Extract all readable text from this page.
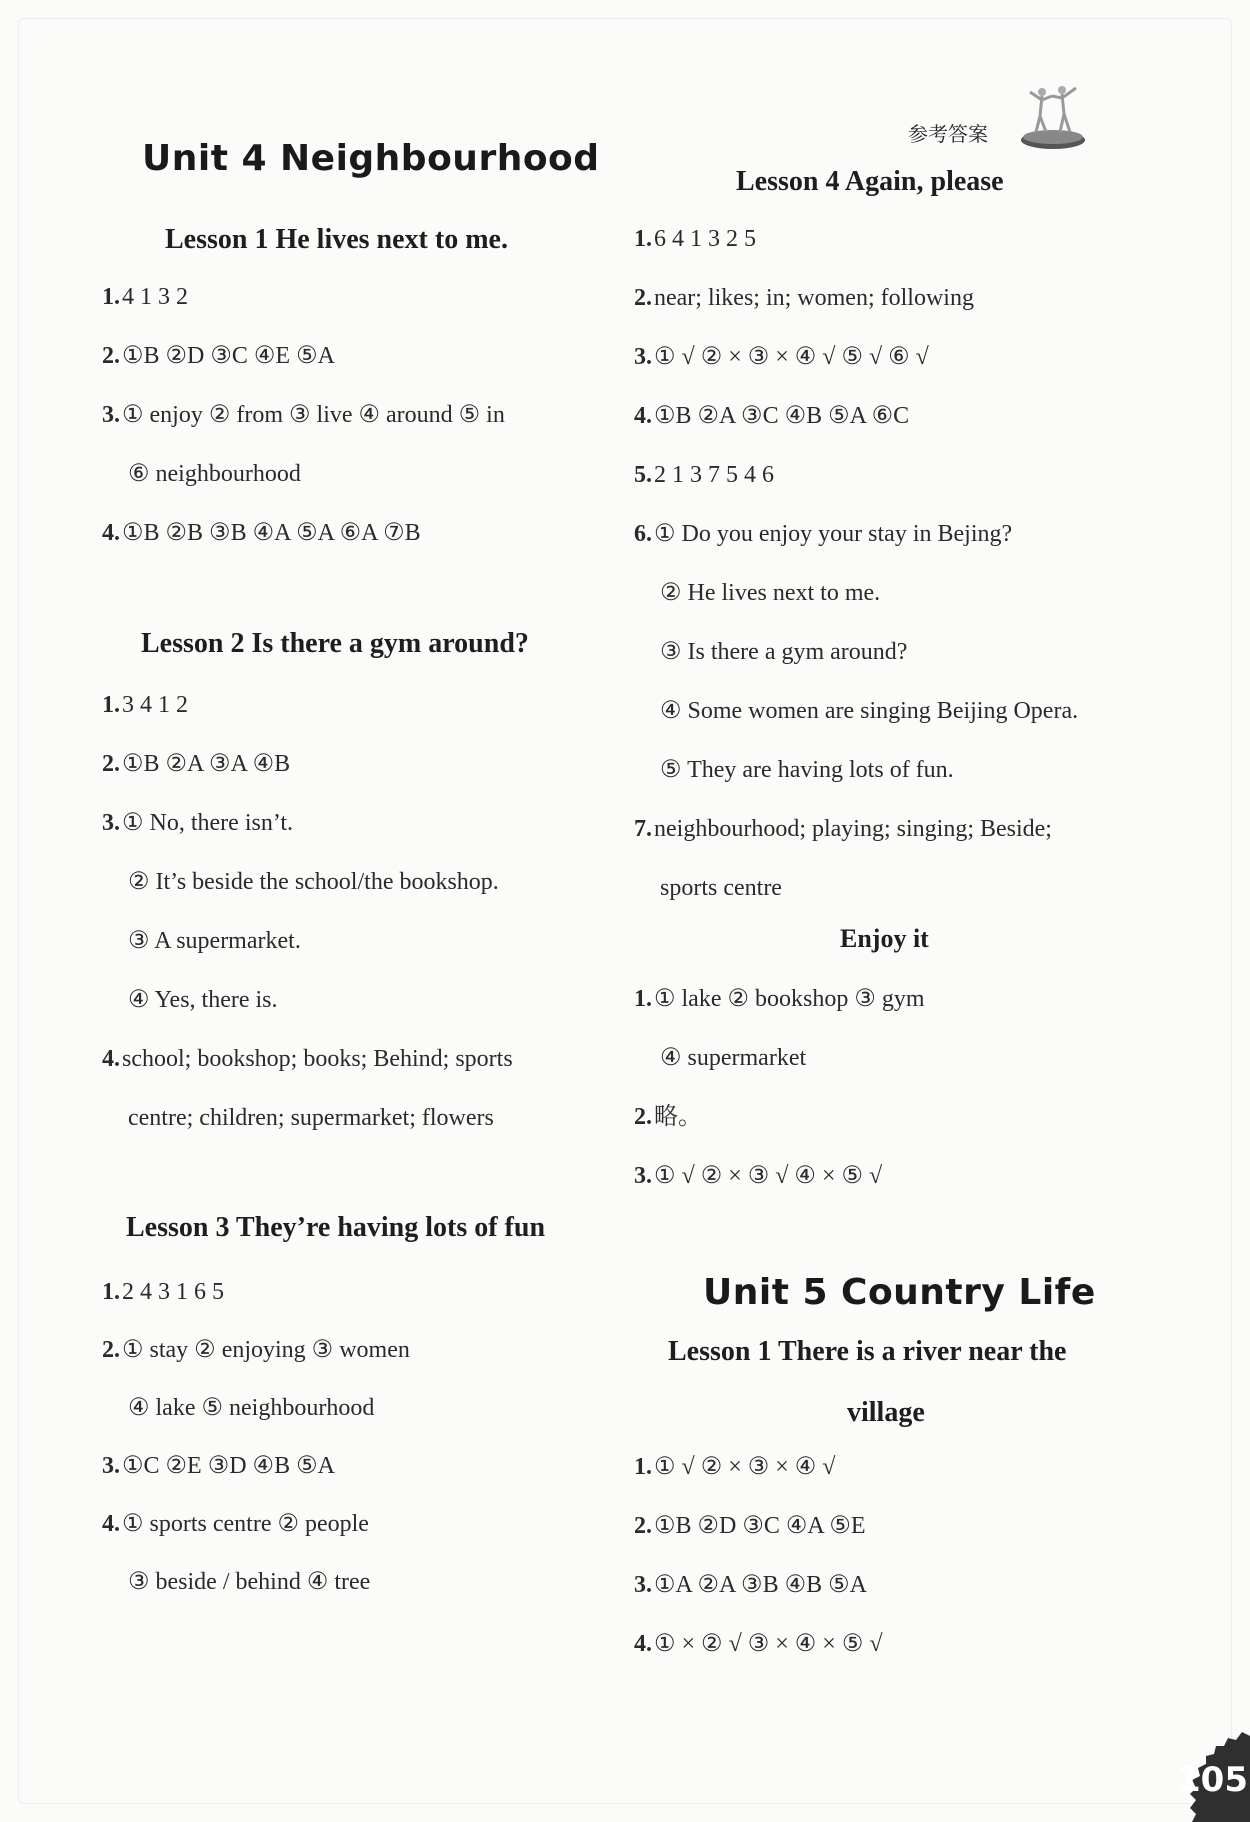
参考答案
Unit 4 Neighbourhood
Lesson 1 He lives next to me.
1.4 1 3 2
2.①B ②D ③C ④E ⑤A
3.① enjoy ② from ③ live ④ around ⑤ in
⑥ neighbourhood
4.①B ②B ③B ④A ⑤A ⑥A ⑦B
Lesson 2 Is there a gym around?
1.3 4 1 2
2.①B ②A ③A ④B
3.① No, there isn’t.
② It’s beside the school/the bookshop.
③ A supermarket.
④ Yes, there is.
4.school; bookshop; books; Behind; sports
centre; children; supermarket; flowers
Lesson 3 They’re having lots of fun
1.2 4 3 1 6 5
2.① stay ② enjoying ③ women
④ lake ⑤ neighbourhood
3.①C ②E ③D ④B ⑤A
4.① sports centre ② people
③ beside / behind ④ tree
Lesson 4 Again, please
1.6 4 1 3 2 5
2.near; likes; in; women; following
3.① √ ② × ③ × ④ √ ⑤ √ ⑥ √
4.①B ②A ③C ④B ⑤A ⑥C
5.2 1 3 7 5 4 6
6.① Do you enjoy your stay in Bejing?
② He lives next to me.
③ Is there a gym around?
④ Some women are singing Beijing Opera.
⑤ They are having lots of fun.
7.neighbourhood; playing; singing; Beside;
sports centre
Enjoy it
1.① lake ② bookshop ③ gym
④ supermarket
2.略。
3.① √ ② × ③ √ ④ × ⑤ √
Unit 5 Country Life
Lesson 1 There is a river near the
village
1.① √ ② × ③ × ④ √
2.①B ②D ③C ④A ⑤E
3.①A ②A ③B ④B ⑤A
4.① × ② √ ③ × ④ × ⑤ √
105
